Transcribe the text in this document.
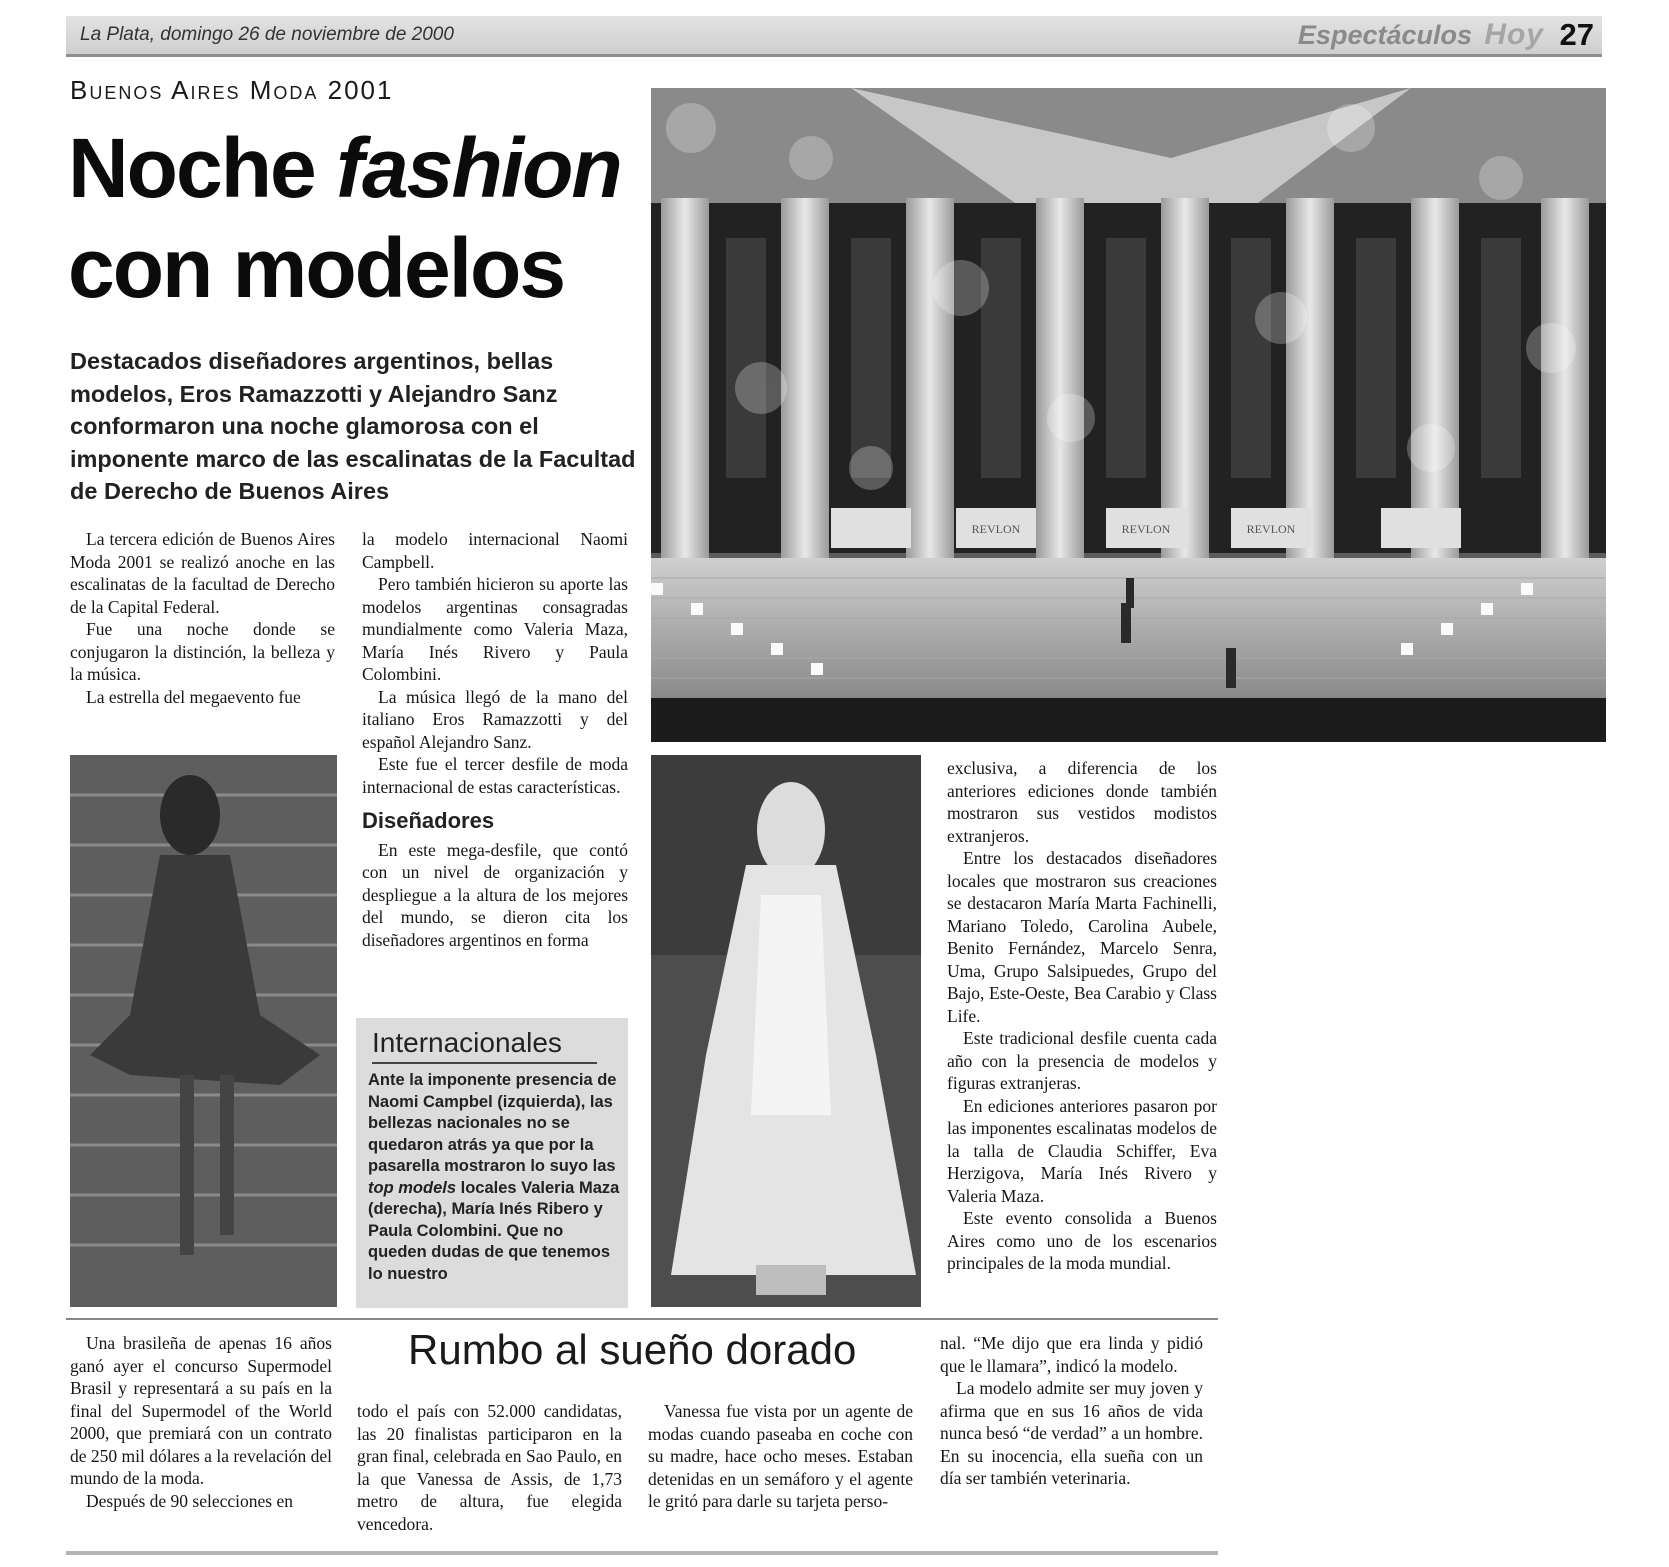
La Plata, domingo 26 de noviembre de 2000	Espectáculos Hoy 27
Buenos Aires Moda 2001
Noche fashion
con modelos
Destacados diseñadores argentinos, bellas modelos, Eros Ramazzotti y Alejandro Sanz conformaron una noche glamorosa con el imponente marco de las escalinatas de la Facultad de Derecho de Buenos Aires

La tercera edición de Buenos Aires Moda 2001 se realizó anoche en las escalinatas de la facultad de Derecho de la Capital Federal.

Fue una noche donde se conjugaron la distinción, la belleza y la música.

La estrella del megaevento fue

la modelo internacional Naomi Campbell.

Pero también hicieron su aporte las modelos argentinas consagradas mundialmente como Valeria Maza, María Inés Rivero y Paula Colombini.

La música llegó de la mano del italiano Eros Ramazzotti y del español Alejandro Sanz.

Este fue el tercer desfile de moda internacional de estas características.

Diseñadores

En este mega-desfile, que contó con un nivel de organización y despliegue a la altura de los mejores del mundo, se dieron cita los diseñadores argentinos en forma

exclusiva, a diferencia de los anteriores ediciones donde también mostraron sus vestidos modistos extranjeros.

Entre los destacados diseñadores locales que mostraron sus creaciones se destacaron María Marta Fachinelli, Mariano Toledo, Carolina Aubele, Benito Fernández, Marcelo Senra, Uma, Grupo Salsipuedes, Grupo del Bajo, Este-Oeste, Bea Carabio y Class Life.

Este tradicional desfile cuenta cada año con la presencia de modelos y figuras extranjeras.

En ediciones anteriores pasaron por las imponentes escalinatas modelos de la talla de Claudia Schiffer, Eva Herzigova, María Inés Rivero y Valeria Maza.

Este evento consolida a Buenos Aires como uno de los escenarios principales de la moda mundial.

REVLON	REVLON	REVLON
Internacionales
Ante la imponente presencia de Naomi Campbel (izquierda), las bellezas nacionales no se quedaron atrás ya que por la pasarella mostraron lo suyo las top models locales Valeria Maza (derecha), María Inés Ribero y Paula Colombini. Que no queden dudas de que tenemos lo nuestro
Rumbo al sueño dorado

Una brasileña de apenas 16 años ganó ayer el concurso Supermodel Brasil y representará a su país en la final del Supermodel of the World 2000, que premiará con un contrato de 250 mil dólares a la revelación del mundo de la moda.

Después de 90 selecciones en

todo el país con 52.000 candidatas, las 20 finalistas participaron en la gran final, celebrada en Sao Paulo, en la que Vanessa de Assis, de 1,73 metro de altura, fue elegida vencedora.

Vanessa fue vista por un agente de modas cuando paseaba en coche con su madre, hace ocho meses. Estaban detenidas en un semáforo y el agente le gritó para darle su tarjeta perso-

nal. “Me dijo que era linda y pidió que le llamara”, indicó la modelo.

La modelo admite ser muy joven y afirma que en sus 16 años de vida nunca besó “de verdad” a un hombre. En su inocencia, ella sueña con un día ser también veterinaria.
